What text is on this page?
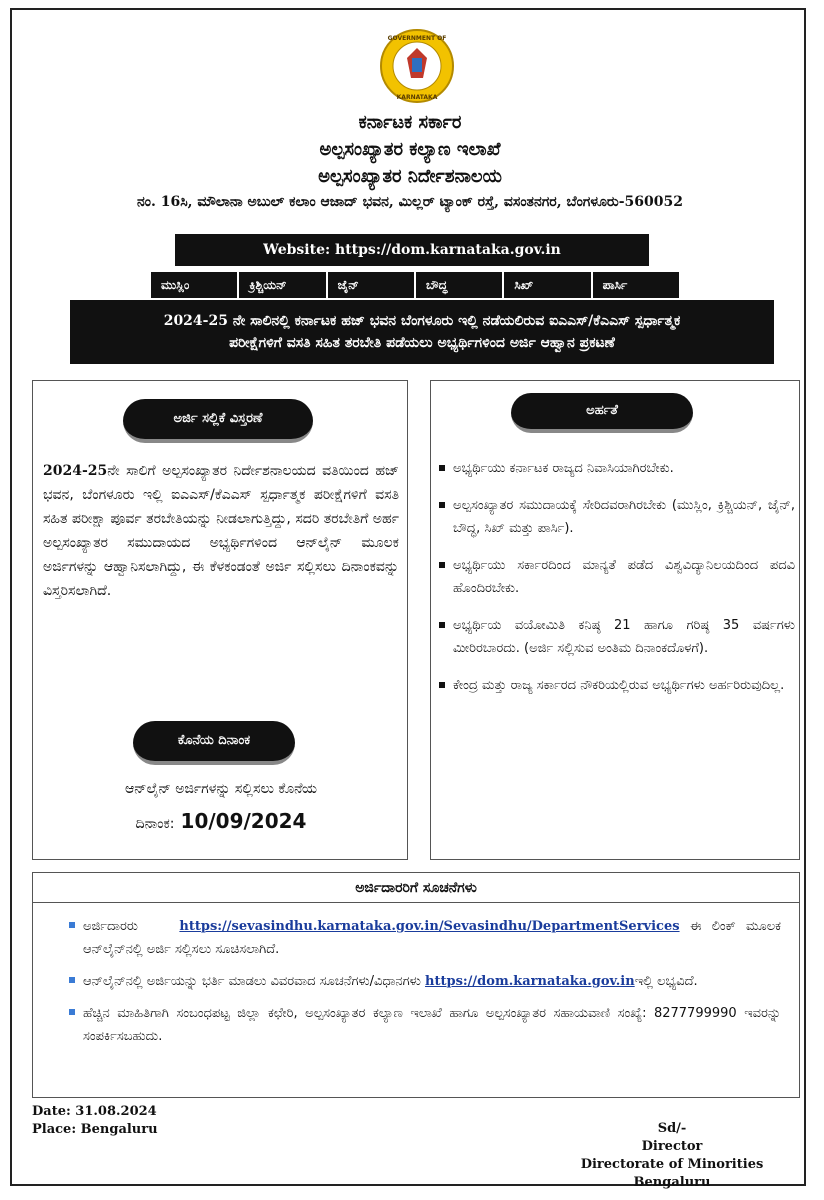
GOVERNMENT OF
KARNATAKA
ಕರ್ನಾಟಕ ಸರ್ಕಾರ
ಅಲ್ಪಸಂಖ್ಯಾತರ ಕಲ್ಯಾಣ ಇಲಾಖೆ
ಅಲ್ಪಸಂಖ್ಯಾತರ ನಿರ್ದೇಶನಾಲಯ
ನಂ. 16ಸಿ, ಮೌಲಾನಾ ಅಬುಲ್ ಕಲಾಂ ಆಜಾದ್ ಭವನ, ಮಿಲ್ಲರ್ ಟ್ಯಾಂಕ್ ರಸ್ತೆ, ವಸಂತನಗರ, ಬೆಂಗಳೂರು-560052
Website: https://dom.karnataka.gov.in
ಮುಸ್ಲಿಂ	ಕ್ರಿಶ್ಚಿಯನ್	ಜೈನ್	ಬೌದ್ಧ	ಸಿಖ್	ಪಾರ್ಸಿ
2024-25 ನೇ ಸಾಲಿನಲ್ಲಿ ಕರ್ನಾಟಕ ಹಜ್ ಭವನ ಬೆಂಗಳೂರು ಇಲ್ಲಿ ನಡೆಯಲಿರುವ ಐಎಎಸ್/ಕೆಎಎಸ್ ಸ್ಪರ್ಧಾತ್ಮಕ
ಪರೀಕ್ಷೆಗಳಿಗೆ ವಸತಿ ಸಹಿತ ತರಬೇತಿ ಪಡೆಯಲು ಅಭ್ಯರ್ಥಿಗಳಿಂದ ಅರ್ಜಿ ಆಹ್ವಾನ ಪ್ರಕಟಣೆ
ಅರ್ಜಿ ಸಲ್ಲಿಕೆ ವಿಸ್ತರಣೆ
2024-25ನೇ ಸಾಲಿಗೆ ಅಲ್ಪಸಂಖ್ಯಾತರ ನಿರ್ದೇಶನಾಲಯದ ವತಿಯಿಂದ ಹಜ್ ಭವನ, ಬೆಂಗಳೂರು ಇಲ್ಲಿ ಐಎಎಸ್/ಕೆಎಎಸ್ ಸ್ಪರ್ಧಾತ್ಮಕ ಪರೀಕ್ಷೆಗಳಿಗೆ ವಸತಿ ಸಹಿತ ಪರೀಕ್ಷಾ ಪೂರ್ವ ತರಬೇತಿಯನ್ನು ನೀಡಲಾಗುತ್ತಿದ್ದು, ಸದರಿ ತರಬೇತಿಗೆ ಅರ್ಹ ಅಲ್ಪಸಂಖ್ಯಾತರ ಸಮುದಾಯದ ಅಭ್ಯರ್ಥಿಗಳಿಂದ ಆನ್‌ಲೈನ್ ಮೂಲಕ ಅರ್ಜಿಗಳನ್ನು ಆಹ್ವಾನಿಸಲಾಗಿದ್ದು, ಈ ಕೆಳಕಂಡಂತೆ ಅರ್ಜಿ ಸಲ್ಲಿಸಲು ದಿನಾಂಕವನ್ನು ವಿಸ್ತರಿಸಲಾಗಿದೆ.
ಕೊನೆಯ ದಿನಾಂಕ
ಆನ್‌ಲೈನ್ ಅರ್ಜಿಗಳನ್ನು ಸಲ್ಲಿಸಲು ಕೊನೆಯ
ದಿನಾಂಕ: 10/09/2024
ಅರ್ಹತೆ
ಅಭ್ಯರ್ಥಿಯು ಕರ್ನಾಟಕ ರಾಜ್ಯದ ನಿವಾಸಿಯಾಗಿರಬೇಕು.
ಅಲ್ಪಸಂಖ್ಯಾತರ ಸಮುದಾಯಕ್ಕೆ ಸೇರಿದವರಾಗಿರಬೇಕು (ಮುಸ್ಲಿಂ, ಕ್ರಿಶ್ಚಿಯನ್, ಜೈನ್, ಬೌದ್ಧ, ಸಿಖ್ ಮತ್ತು ಪಾರ್ಸಿ).
ಅಭ್ಯರ್ಥಿಯು ಸರ್ಕಾರದಿಂದ ಮಾನ್ಯತೆ ಪಡೆದ ವಿಶ್ವವಿದ್ಯಾನಿಲಯದಿಂದ ಪದವಿ ಹೊಂದಿರಬೇಕು.
ಅಭ್ಯರ್ಥಿಯ ವಯೋಮಿತಿ ಕನಿಷ್ಠ 21 ಹಾಗೂ ಗರಿಷ್ಠ 35 ವರ್ಷಗಳು ಮೀರಿರಬಾರದು. (ಅರ್ಜಿ ಸಲ್ಲಿಸುವ ಅಂತಿಮ ದಿನಾಂಕದೊಳಗೆ).
ಕೇಂದ್ರ ಮತ್ತು ರಾಜ್ಯ ಸರ್ಕಾರದ ನೌಕರಿಯಲ್ಲಿರುವ ಅಭ್ಯರ್ಥಿಗಳು ಅರ್ಹರಿರುವುದಿಲ್ಲ.
ಅರ್ಜಿದಾರರಿಗೆ ಸೂಚನೆಗಳು
ಅರ್ಜಿದಾರರು	https://sevasindhu.karnataka.gov.in/Sevasindhu/DepartmentServices ಈ ಲಿಂಕ್ ಮೂಲಕ ಆನ್‌ಲೈನ್‌ನಲ್ಲಿ ಅರ್ಜಿ ಸಲ್ಲಿಸಲು ಸೂಚಿಸಲಾಗಿದೆ.
ಆನ್‌ಲೈನ್‌ನಲ್ಲಿ ಅರ್ಜಿಯನ್ನು ಭರ್ತಿ ಮಾಡಲು ವಿವರವಾದ ಸೂಚನೆಗಳು/ವಿಧಾನಗಳು https://dom.karnataka.gov.inಇಲ್ಲಿ ಲಭ್ಯವಿದೆ.
ಹೆಚ್ಚಿನ ಮಾಹಿತಿಗಾಗಿ ಸಂಬಂಧಪಟ್ಟ ಜಿಲ್ಲಾ ಕಛೇರಿ, ಅಲ್ಪಸಂಖ್ಯಾತರ ಕಲ್ಯಾಣ ಇಲಾಖೆ ಹಾಗೂ ಅಲ್ಪಸಂಖ್ಯಾತರ ಸಹಾಯವಾಣಿ ಸಂಖ್ಯೆ: 8277799990 ಇವರನ್ನು ಸಂಪರ್ಕಿಸಬಹುದು.
Date: 31.08.2024
Place: Bengaluru	Sd/-
Director
Directorate of Minorities
Bengaluru
